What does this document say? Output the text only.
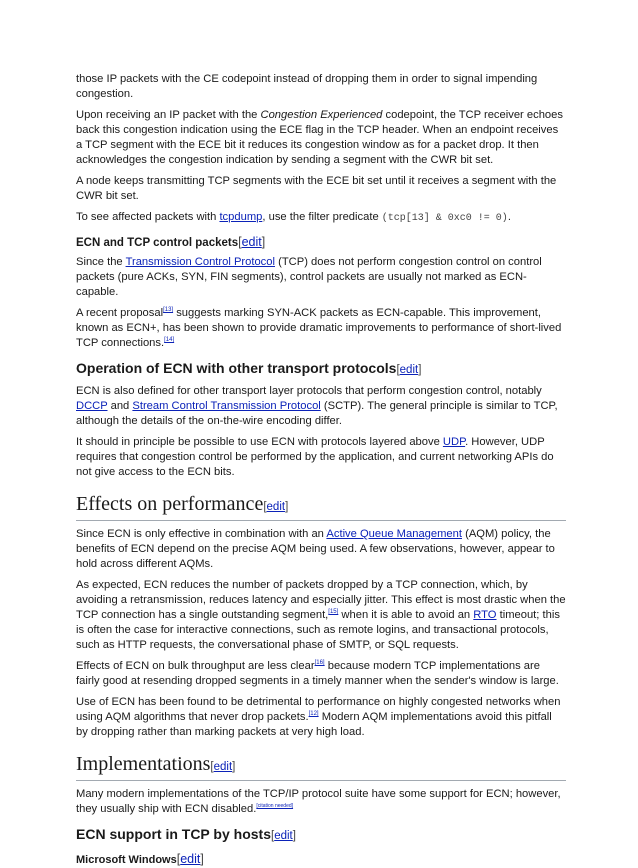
those IP packets with the CE codepoint instead of dropping them in order to signal impending congestion.

Upon receiving an IP packet with the Congestion Experienced codepoint, the TCP receiver echoes back this congestion indication using the ECE flag in the TCP header. When an endpoint receives a TCP segment with the ECE bit it reduces its congestion window as for a packet drop. It then acknowledges the congestion indication by sending a segment with the CWR bit set.

A node keeps transmitting TCP segments with the ECE bit set until it receives a segment with the CWR bit set.

To see affected packets with tcpdump, use the filter predicate (tcp[13] & 0xc0 != 0).

ECN and TCP control packets[edit]

Since the Transmission Control Protocol (TCP) does not perform congestion control on control packets (pure ACKs, SYN, FIN segments), control packets are usually not marked as ECN-capable.

A recent proposal[13] suggests marking SYN-ACK packets as ECN-capable. This improvement, known as ECN+, has been shown to provide dramatic improvements to performance of short-lived TCP connections.[14]

Operation of ECN with other transport protocols[edit]

ECN is also defined for other transport layer protocols that perform congestion control, notably DCCP and Stream Control Transmission Protocol (SCTP). The general principle is similar to TCP, although the details of the on-the-wire encoding differ.

It should in principle be possible to use ECN with protocols layered above UDP. However, UDP requires that congestion control be performed by the application, and current networking APIs do not give access to the ECN bits.

Effects on performance[edit]

Since ECN is only effective in combination with an Active Queue Management (AQM) policy, the benefits of ECN depend on the precise AQM being used. A few observations, however, appear to hold across different AQMs.

As expected, ECN reduces the number of packets dropped by a TCP connection, which, by avoiding a retransmission, reduces latency and especially jitter. This effect is most drastic when the TCP connection has a single outstanding segment,[15] when it is able to avoid an RTO timeout; this is often the case for interactive connections, such as remote logins, and transactional protocols, such as HTTP requests, the conversational phase of SMTP, or SQL requests.

Effects of ECN on bulk throughput are less clear[16] because modern TCP implementations are fairly good at resending dropped segments in a timely manner when the sender's window is large.

Use of ECN has been found to be detrimental to performance on highly congested networks when using AQM algorithms that never drop packets.[12] Modern AQM implementations avoid this pitfall by dropping rather than marking packets at very high load.

Implementations[edit]

Many modern implementations of the TCP/IP protocol suite have some support for ECN; however, they usually ship with ECN disabled.[citation needed]

ECN support in TCP by hosts[edit]
Microsoft Windows[edit]
